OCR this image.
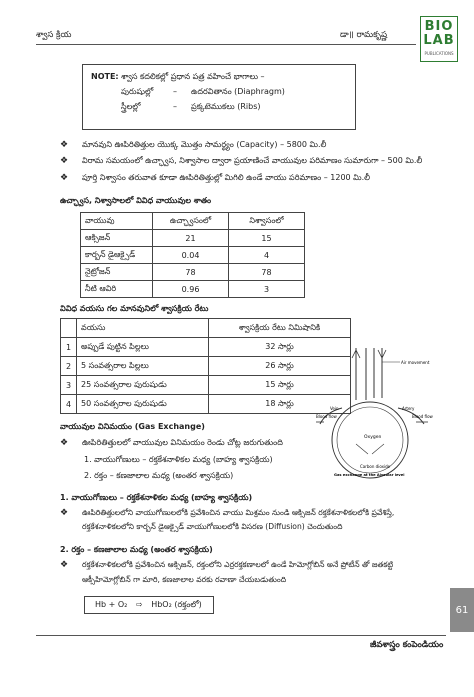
శ్వాస క్రియ	డా॥ రామకృష్ణ
BIO
LAB
PUBLICATIONS
NOTE: శ్వాస కదలికల్లో ప్రధాన పత్ర వహించే భాగాలు –
పురుషుల్లో	–	ఉదరవితానం (Diaphragm)
స్త్రీలల్లో	–	ప్రక్కటెముకలు (Ribs)
❖	మానవుని ఊపిరితిత్తుల యొక్క మొత్తం సామర్థ్యం (Capacity) – 5800 మి.లీ
❖	విరామ సమయంలో ఉచ్ఛ్వాస, నిశ్వాసాల ద్వారా ప్రయాణించే వాయువుల పరిమాణం సుమారుగా – 500 మి.లీ
❖	పూర్తి నిశ్వాసం తరువాత కూడా ఊపిరితిత్తుల్లో మిగిలి ఉండే వాయు పరిమాణం – 1200 మి.లీ
ఉచ్ఛ్వాస, నిశ్వాసాలలో వివిధ వాయువుల శాతం
వాయువు	ఉచ్ఛ్వాసంలో	నిశ్వాసంలో
ఆక్సిజన్	21	15
కార్బన్ డైఆక్సైడ్	0.04	4
నైట్రోజన్	78	78
నీటి ఆవిరి	0.96	3
వివిధ వయసు గల మానవునిలో శ్వాసక్రియ రేటు
	వయసు	శ్వాసక్రియ రేటు నిమిషానికి
1	అప్పుడే పుట్టిన పిల్లలు	32 సార్లు
2	5 సంవత్సరాల పిల్లలు	26 సార్లు
3	25 సంవత్సరాల పురుషుడు	15 సార్లు
4	50 సంవత్సరాల పురుషుడు	18 సార్లు
వాయువుల వినిమయం (Gas Exchange)
❖	ఊపిరితిత్తులలో వాయువుల వినిమయం రెండు చోట్ల జరుగుతుంది
1. వాయుగోణులు – రక్తకేశనాళికల మధ్య (బాహ్య శ్వాసక్రియ)
2. రక్తం – కణజాలాల మధ్య (అంతర శ్వాసక్రియ)
Air movement
Vein	Artery
Blood flow	Blood flow
Oxygen
Carbon dioxide
Gas exchange at the Alveolar level
1. వాయుగోణులు – రక్తకేశనాళికల మధ్య (బాహ్య శ్వాసక్రియ)
❖	ఊపిరితిత్తులలోని వాయుగోణులలోకి ప్రవేశించిన వాయు మిశ్రమం నుండి ఆక్సిజన్ రక్తకేశనాళికలలోకి ప్రవేశిస్తే,
రక్తకేశనాళికలలోని కార్బన్ డైఆక్సైడ్ వాయుగోణులలోకి విసరణ (Diffusion) చెందుతుంది
2. రక్తం – కణజాలాల మధ్య (అంతర శ్వాసక్రియ)
❖	రక్తకేశనాళికలలోకి ప్రవేశించిన ఆక్సిజన్, రక్తంలోని ఎర్రరక్తకణాలలో ఉండే హిమోగ్లోబిన్ అనే ప్రోటీన్ తో జతకట్టి
ఆక్సీహిమోగ్లోబిన్ గా మారి, కణజాలాల వరకు రవాణా చేయబడుతుంది
Hb + O₂ ⇨ HbO₂ (రక్తంలో)	61
జీవశాస్త్రం కంపెండియం
